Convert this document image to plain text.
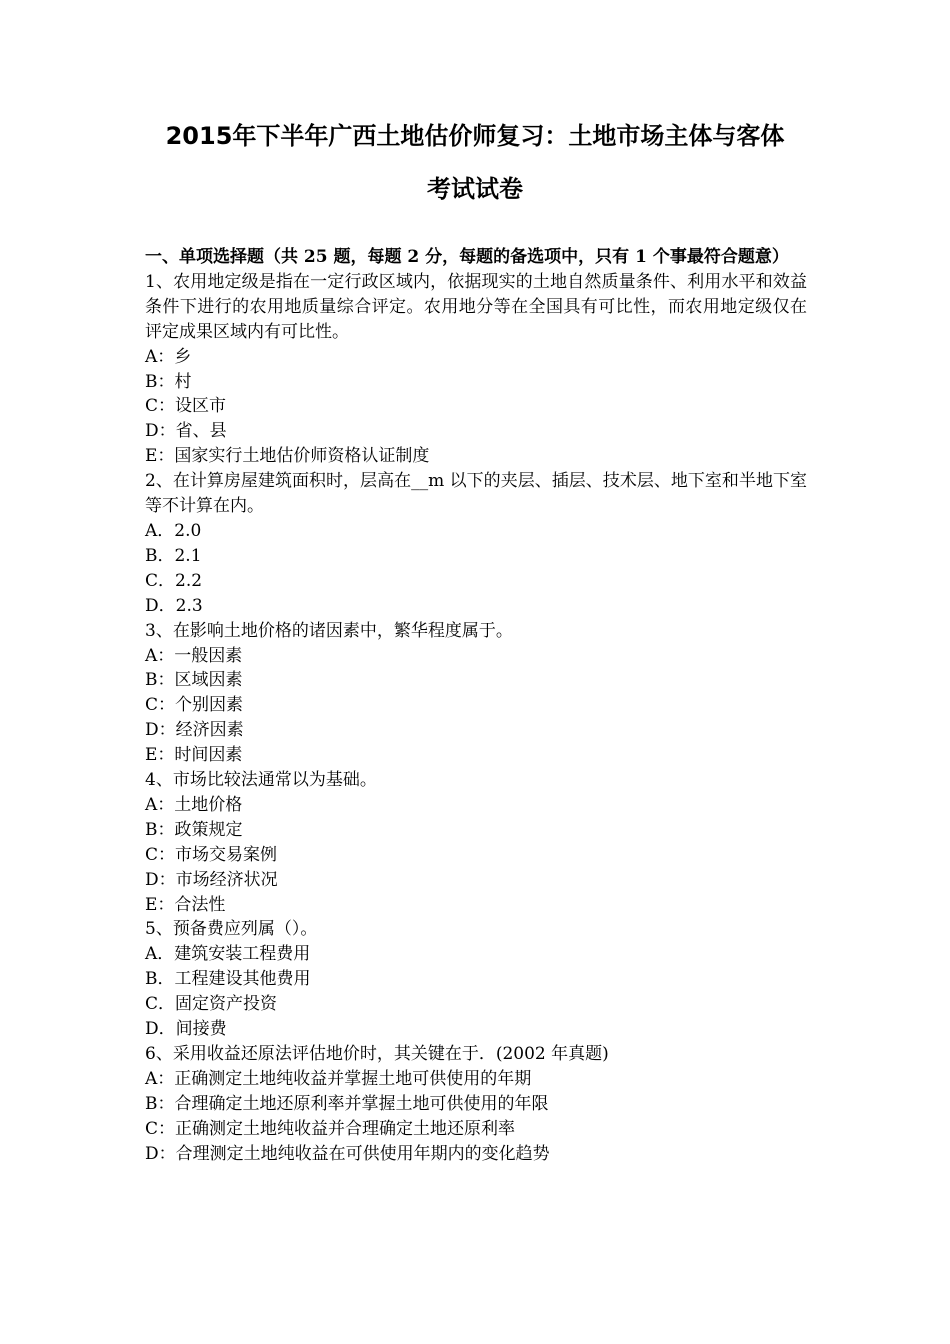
2015年下半年广西土地估价师复习：土地市场主体与客体
考试试卷
一、单项选择题（共 25 题，每题 2 分，每题的备选项中，只有 1 个事最符合题意）
1、农用地定级是指在一定行政区域内，依据现实的土地自然质量条件、利用水平和效益条件下进行的农用地质量综合评定。农用地分等在全国具有可比性，而农用地定级仅在评定成果区域内有可比性。
A：乡
B：村
C：设区市
D：省、县
E：国家实行土地估价师资格认证制度
2、在计算房屋建筑面积时，层高在__m 以下的夹层、插层、技术层、地下室和半地下室等不计算在内。
A．2.0
B．2.1
C．2.2
D．2.3
3、在影响土地价格的诸因素中，繁华程度属于。
A：一般因素
B：区域因素
C：个别因素
D：经济因素
E：时间因素
4、市场比较法通常以为基础。
A：土地价格
B：政策规定
C：市场交易案例
D：市场经济状况
E：合法性
5、预备费应列属（）。
A．建筑安装工程费用
B．工程建设其他费用
C．固定资产投资
D．间接费
6、采用收益还原法评估地价时，其关键在于．(2002 年真题)
A：正确测定土地纯收益并掌握土地可供使用的年期
B：合理确定土地还原利率并掌握土地可供使用的年限
C：正确测定土地纯收益并合理确定土地还原利率
D：合理测定土地纯收益在可供使用年期内的变化趋势
